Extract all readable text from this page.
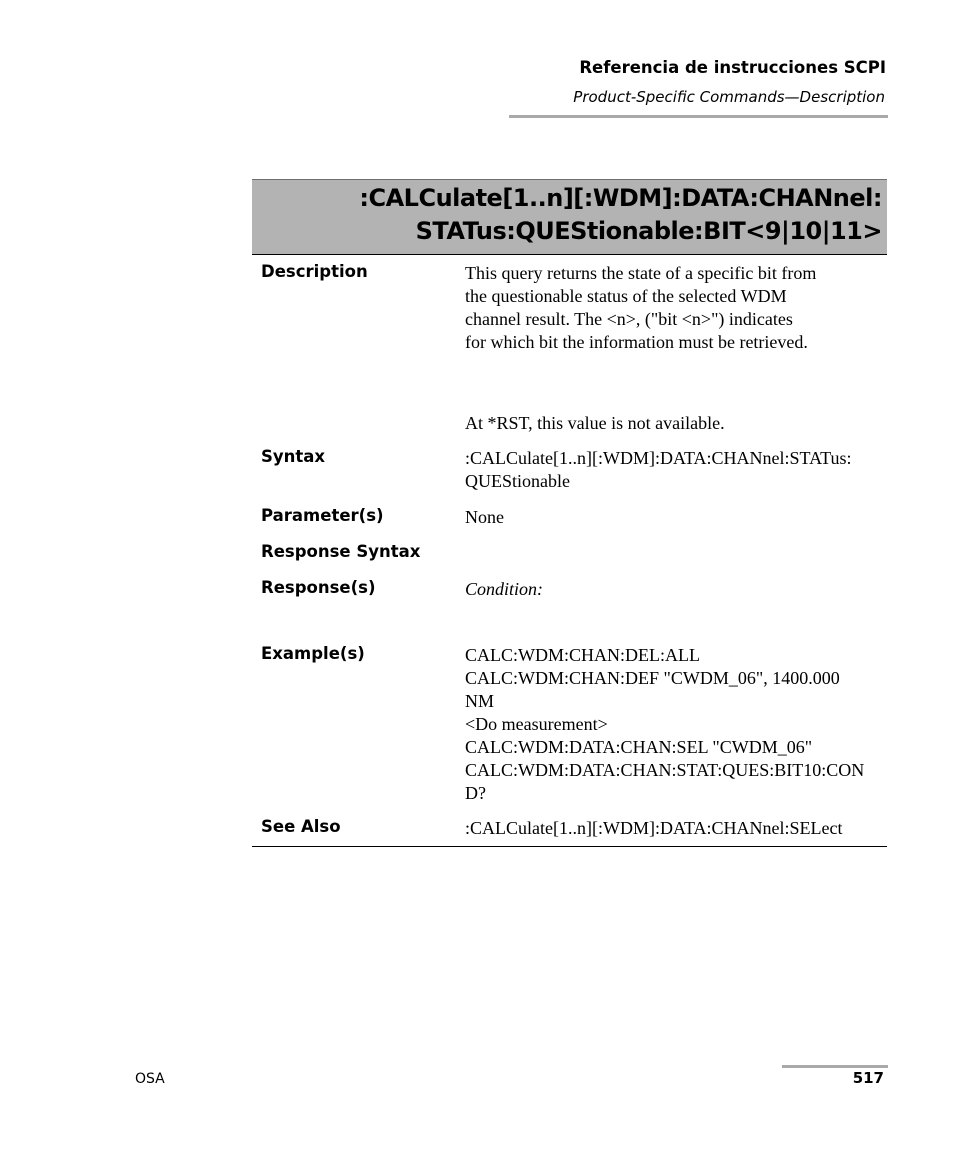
Referencia de instrucciones SCPI
Product-Specific Commands—Description
:CALCulate[1..n][:WDM]:DATA:CHANnel:
STATus:QUEStionable:BIT<9|10|11>
Description	This query returns the state of a specific bit from
the questionable status of the selected WDM
channel result. The <n>, ("bit <n>") indicates
for which bit the information must be retrieved.
At *RST, this value is not available.
Syntax	:CALCulate[1..n][:WDM]:DATA:CHANnel:STATus:
QUEStionable
Parameter(s)	None
Response Syntax
Response(s)	Condition:
Example(s)	CALC:WDM:CHAN:DEL:ALL
CALC:WDM:CHAN:DEF "CWDM_06", 1400.000
NM
<Do measurement>
CALC:WDM:DATA:CHAN:SEL "CWDM_06"
CALC:WDM:DATA:CHAN:STAT:QUES:BIT10:CON
D?
See Also	:CALCulate[1..n][:WDM]:DATA:CHANnel:SELect
OSA	517
